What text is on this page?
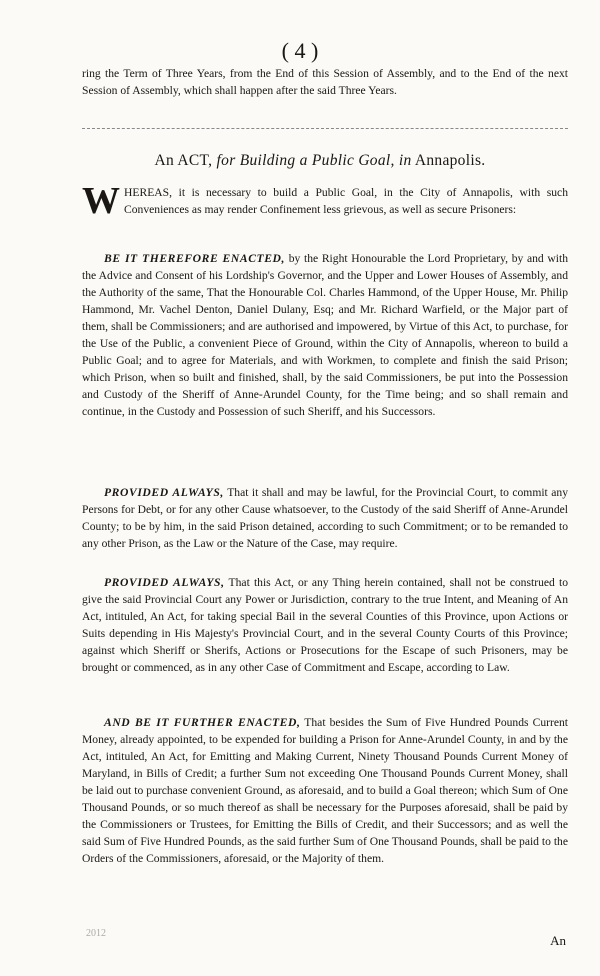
( 4 )
ring the Term of Three Years, from the End of this Session of Assembly, and to the End of the next Session of Assembly, which shall happen after the said Three Years.
An ACT, for Building a Public Goal, in Annapolis.
WHEREAS, it is necessary to build a Public Goal, in the City of Annapolis, with such Conveniences as may render Confinement less grievous, as well as secure Prisoners:
BE IT THEREFORE ENACTED, by the Right Honourable the Lord Proprietary, by and with the Advice and Consent of his Lordship's Governor, and the Upper and Lower Houses of Assembly, and the Authority of the same, That the Honourable Col. Charles Hammond, of the Upper House, Mr. Philip Hammond, Mr. Vachel Denton, Daniel Dulany, Esq; and Mr. Richard Warfield, or the Major part of them, shall be Commissioners; and are authorised and impowered, by Virtue of this Act, to purchase, for the Use of the Public, a convenient Piece of Ground, within the City of Annapolis, whereon to build a Public Goal; and to agree for Materials, and with Workmen, to complete and finish the said Prison; which Prison, when so built and finished, shall, by the said Commissioners, be put into the Possession and Custody of the Sheriff of Anne-Arundel County, for the Time being; and so shall remain and continue, in the Custody and Possession of such Sheriff, and his Successors.
PROVIDED ALWAYS, That it shall and may be lawful, for the Provincial Court, to commit any Persons for Debt, or for any other Cause whatsoever, to the Custody of the said Sheriff of Anne-Arundel County; to be by him, in the said Prison detained, according to such Commitment; or to be remanded to any other Prison, as the Law or the Nature of the Case, may require.
PROVIDED ALWAYS, That this Act, or any Thing herein contained, shall not be construed to give the said Provincial Court any Power or Jurisdiction, contrary to the true Intent, and Meaning of An Act, intituled, An Act, for taking special Bail in the several Counties of this Province, upon Actions or Suits depending in His Majesty's Provincial Court, and in the several County Courts of this Province; against which Sheriff or Sherifs, Actions or Prosecutions for the Escape of such Prisoners, may be brought or commenced, as in any other Case of Commitment and Escape, according to Law.
AND BE IT FURTHER ENACTED, That besides the Sum of Five Hundred Pounds Current Money, already appointed, to be expended for building a Prison for Anne-Arundel County, in and by the Act, intituled, An Act, for Emitting and Making Current, Ninety Thousand Pounds Current Money of Maryland, in Bills of Credit; a further Sum not exceeding One Thousand Pounds Current Money, shall be laid out to purchase convenient Ground, as aforesaid, and to build a Goal thereon; which Sum of One Thousand Pounds, or so much thereof as shall be necessary for the Purposes aforesaid, shall be paid by the Commissioners or Trustees, for Emitting the Bills of Credit, and their Successors; and as well the said Sum of Five Hundred Pounds, as the said further Sum of One Thousand Pounds, shall be paid to the Orders of the Commissioners, aforesaid, or the Majority of them.
2012	An
